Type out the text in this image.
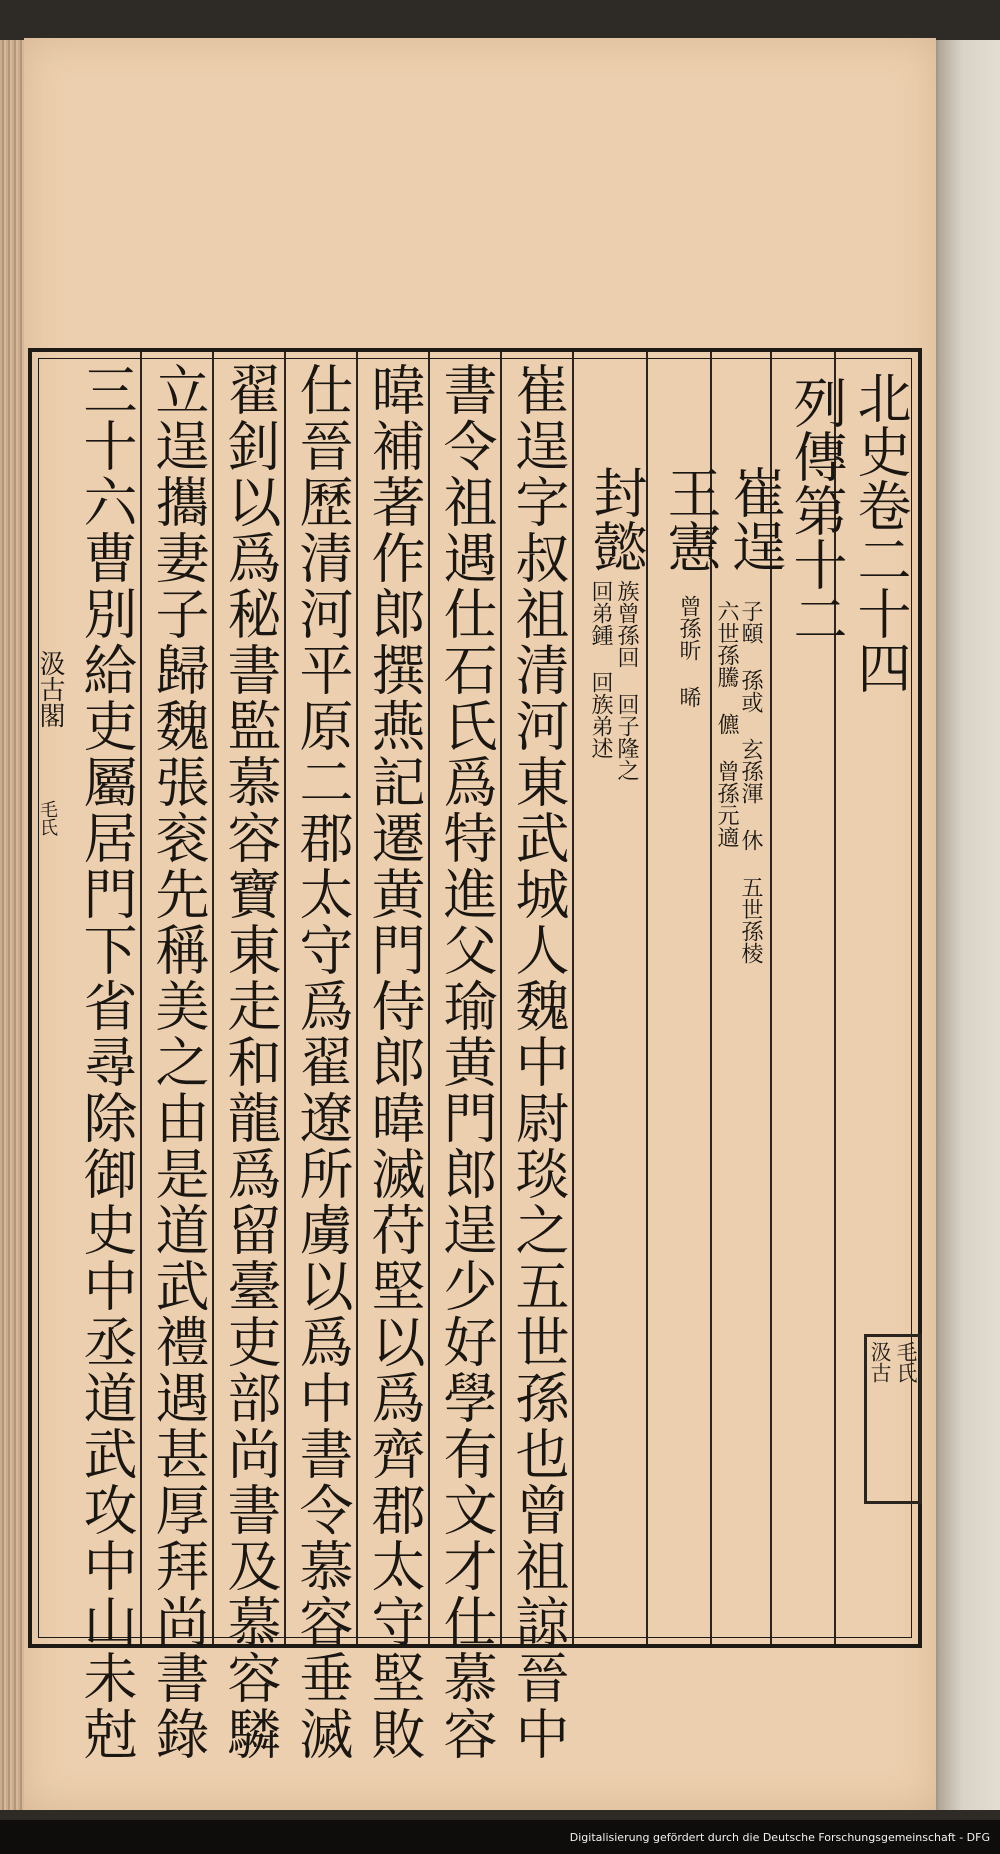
北史卷二十四
列傳第十二
崔逞
子頤 孫或 玄孫渾 休 五世孫棱
六世孫騰 儦 曾孫元適
王憲
曾孫昕 晞
封懿
族曾孫回 回子隆之
回弟鍾 回族弟述
崔逞字叔祖清河東武城人魏中尉琰之五世孫也曾祖諒晉中
書令祖遇仕石氏爲特進父瑜黄門郎逞少好學有文才仕慕容
暐補著作郎撰燕記遷黄門侍郎暐滅苻堅以爲齊郡太守堅敗
仕晉歷清河平原二郡太守爲翟遼所虜以爲中書令慕容垂滅
翟釗以爲秘書監慕容寶東走和龍爲留臺吏部尚書及慕容驎
立逞攜妻子歸魏張衮先稱美之由是道武禮遇甚厚拜尚書錄
三十六曹別給吏屬居門下省尋除御史中丞道武攻中山未尅
汲古閣
毛氏
毛氏
汲古
Digitalisierung gefördert durch die Deutsche Forschungsgemeinschaft - DFG
